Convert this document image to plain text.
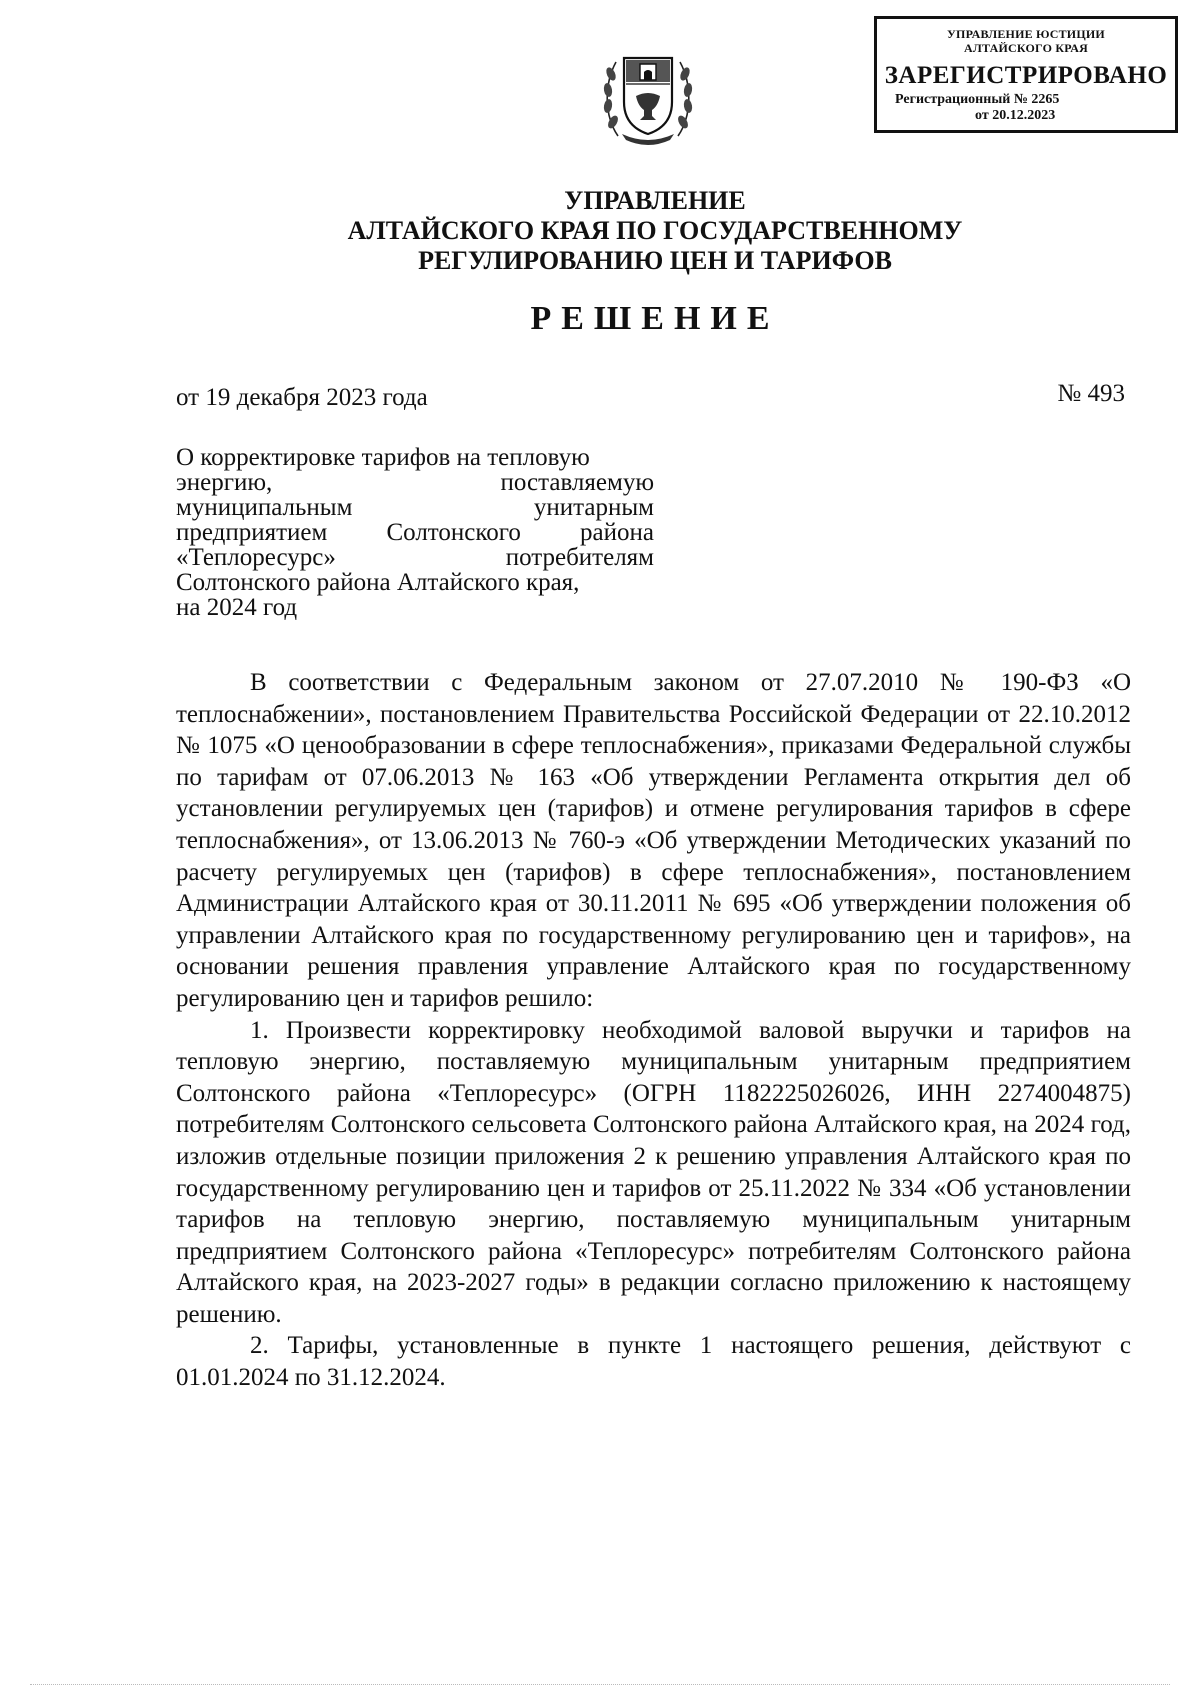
УПРАВЛЕНИЕ ЮСТИЦИИ
АЛТАЙСКОГО КРАЯ
ЗАРЕГИСТРИРОВАНО
Регистрационный № 2265
от 20.12.2023
УПРАВЛЕНИЕ
АЛТАЙСКОГО КРАЯ ПО ГОСУДАРСТВЕННОМУ
РЕГУЛИРОВАНИЮ ЦЕН И ТАРИФОВ
РЕШЕНИЕ
от 19 декабря 2023 года	№ 493
О корректировке тарифов на тепловую
энергию, поставляемую
муниципальным унитарным
предприятием Солтонского района
«Теплоресурс» потребителям
Солтонского района Алтайского края,
на 2024 год

В соответствии с Федеральным законом от 27.07.2010 № 190-ФЗ «О теплоснабжении», постановлением Правительства Российской Федерации от 22.10.2012 № 1075 «О ценообразовании в сфере теплоснабжения», приказами Федеральной службы по тарифам от 07.06.2013 № 163 «Об утверждении Регламента открытия дел об установлении регулируемых цен (тарифов) и отмене регулирования тарифов в сфере теплоснабжения», от 13.06.2013 № 760-э «Об утверждении Методических указаний по расчету регулируемых цен (тарифов) в сфере теплоснабжения», постановлением Администрации Алтайского края от 30.11.2011 № 695 «Об утверждении положения об управлении Алтайского края по государственному регулированию цен и тарифов», на основании решения правления управление Алтайского края по государственному регулированию цен и тарифов решило:

1. Произвести корректировку необходимой валовой выручки и тарифов на тепловую энергию, поставляемую муниципальным унитарным предприятием Солтонского района «Теплоресурс» (ОГРН 1182225026026, ИНН 2274004875) потребителям Солтонского сельсовета Солтонского района Алтайского края, на 2024 год, изложив отдельные позиции приложения 2 к решению управления Алтайского края по государственному регулированию цен и тарифов от 25.11.2022 № 334 «Об установлении тарифов на тепловую энергию, поставляемую муниципальным унитарным предприятием Солтонского района «Теплоресурс» потребителям Солтонского района Алтайского края, на 2023-2027 годы» в редакции согласно приложению к настоящему решению.

2. Тарифы, установленные в пункте 1 настоящего решения, действуют с 01.01.2024 по 31.12.2024.
